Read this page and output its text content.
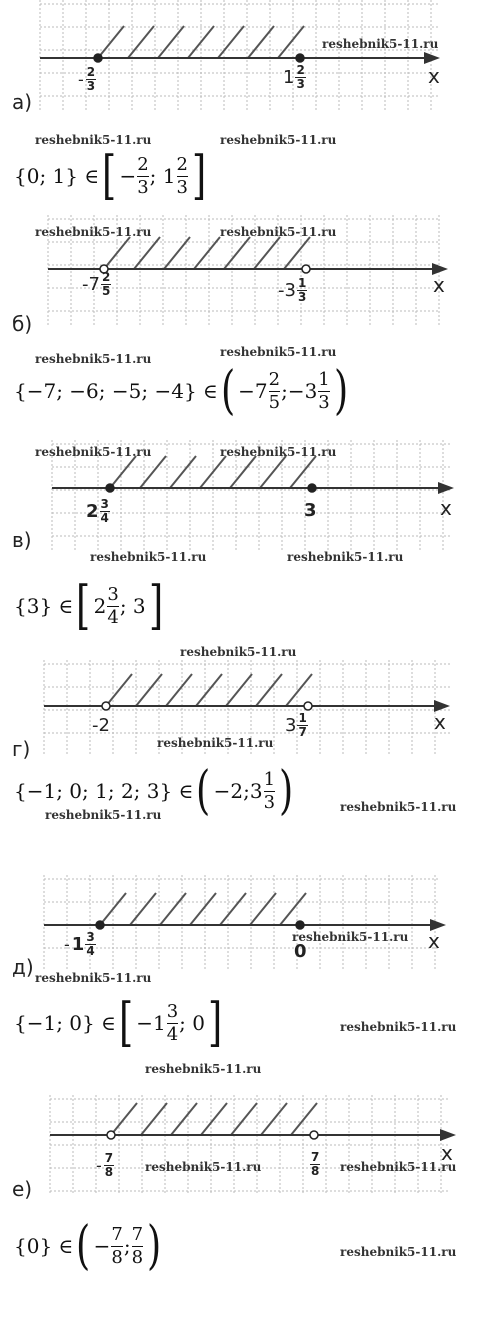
reshebnik5-11.ru
x
- 2
3	1 2
3
а)
reshebnik5-11.ru	reshebnik5-11.ru
{0; 1} ∈ [ − $\frac{2}{3}$ ;
1 2
3 ]
reshebnik5-11.ru	reshebnik5-11.ru
x
-7 2
5	-3 1
3
б)
reshebnik5-11.ru	reshebnik5-11.ru
{−7; −6; −5; −4} ∈ ( −7 2
5 ; −3 1
3 )
reshebnik5-11.ru	reshebnik5-11.ru
x
2 3
4	3
в)
reshebnik5-11.ru	reshebnik5-11.ru
{3} ∈ [ 2 3
4 ; 3 ]
reshebnik5-11.ru
x
-2	3 1
7
reshebnik5-11.ru
г)
{−1; 0; 1; 2; 3} ∈ ( −2 ; 3 1
3 )
reshebnik5-11.ru
reshebnik5-11.ru
x
- 1 3
4
reshebnik5-11.ru
0
д) reshebnik5-11.ru
{−1; 0} ∈ [ −1 3
4 ; 0 ]	reshebnik5-11.ru
reshebnik5-11.ru
x
- 7
8	reshebnik5-11.ru
7
8 reshebnik5-11.ru
е)
{0} ∈ ( − $\frac{7}{8}$ ; 7
8 )	reshebnik5-11.ru
